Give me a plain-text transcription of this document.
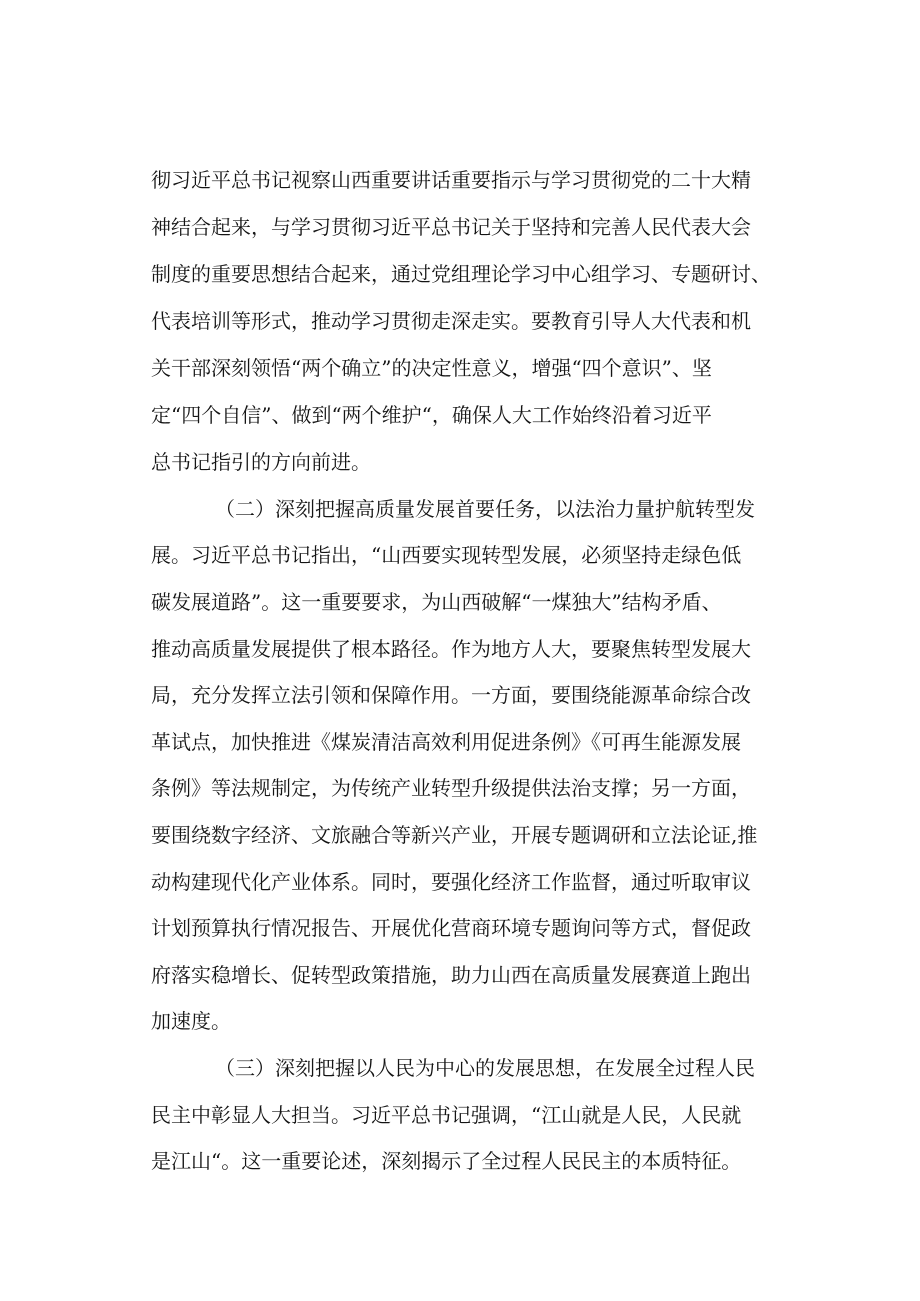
彻习近平总书记视察山西重要讲话重要指示与学习贯彻党的二十大精
神结合起来，与学习贯彻习近平总书记关于坚持和完善人民代表大会
制度的重要思想结合起来，通过党组理论学习中心组学习、专题研讨、
代表培训等形式，推动学习贯彻走深走实。要教育引导人大代表和机
关干部深刻领悟“两个确立”的决定性意义，增强“四个意识”、坚
定“四个自信”、做到“两个维护“，确保人大工作始终沿着习近平
总书记指引的方向前进。
（二）深刻把握高质量发展首要任务，以法治力量护航转型发
展。习近平总书记指出，“山西要实现转型发展，必须坚持走绿色低
碳发展道路”。这一重要要求，为山西破解“一煤独大”结构矛盾、
推动高质量发展提供了根本路径。作为地方人大，要聚焦转型发展大
局，充分发挥立法引领和保障作用。一方面，要围绕能源革命综合改
革试点，加快推进《煤炭清洁高效利用促进条例》《可再生能源发展
条例》等法规制定，为传统产业转型升级提供法治支撑；另一方面，
要围绕数字经济、文旅融合等新兴产业，开展专题调研和立法论证,推
动构建现代化产业体系。同时，要强化经济工作监督，通过听取审议
计划预算执行情况报告、开展优化营商环境专题询问等方式，督促政
府落实稳增长、促转型政策措施，助力山西在高质量发展赛道上跑出
加速度。
（三）深刻把握以人民为中心的发展思想，在发展全过程人民
民主中彰显人大担当。习近平总书记强调，“江山就是人民，人民就
是江山“。这一重要论述，深刻揭示了全过程人民民主的本质特征。
